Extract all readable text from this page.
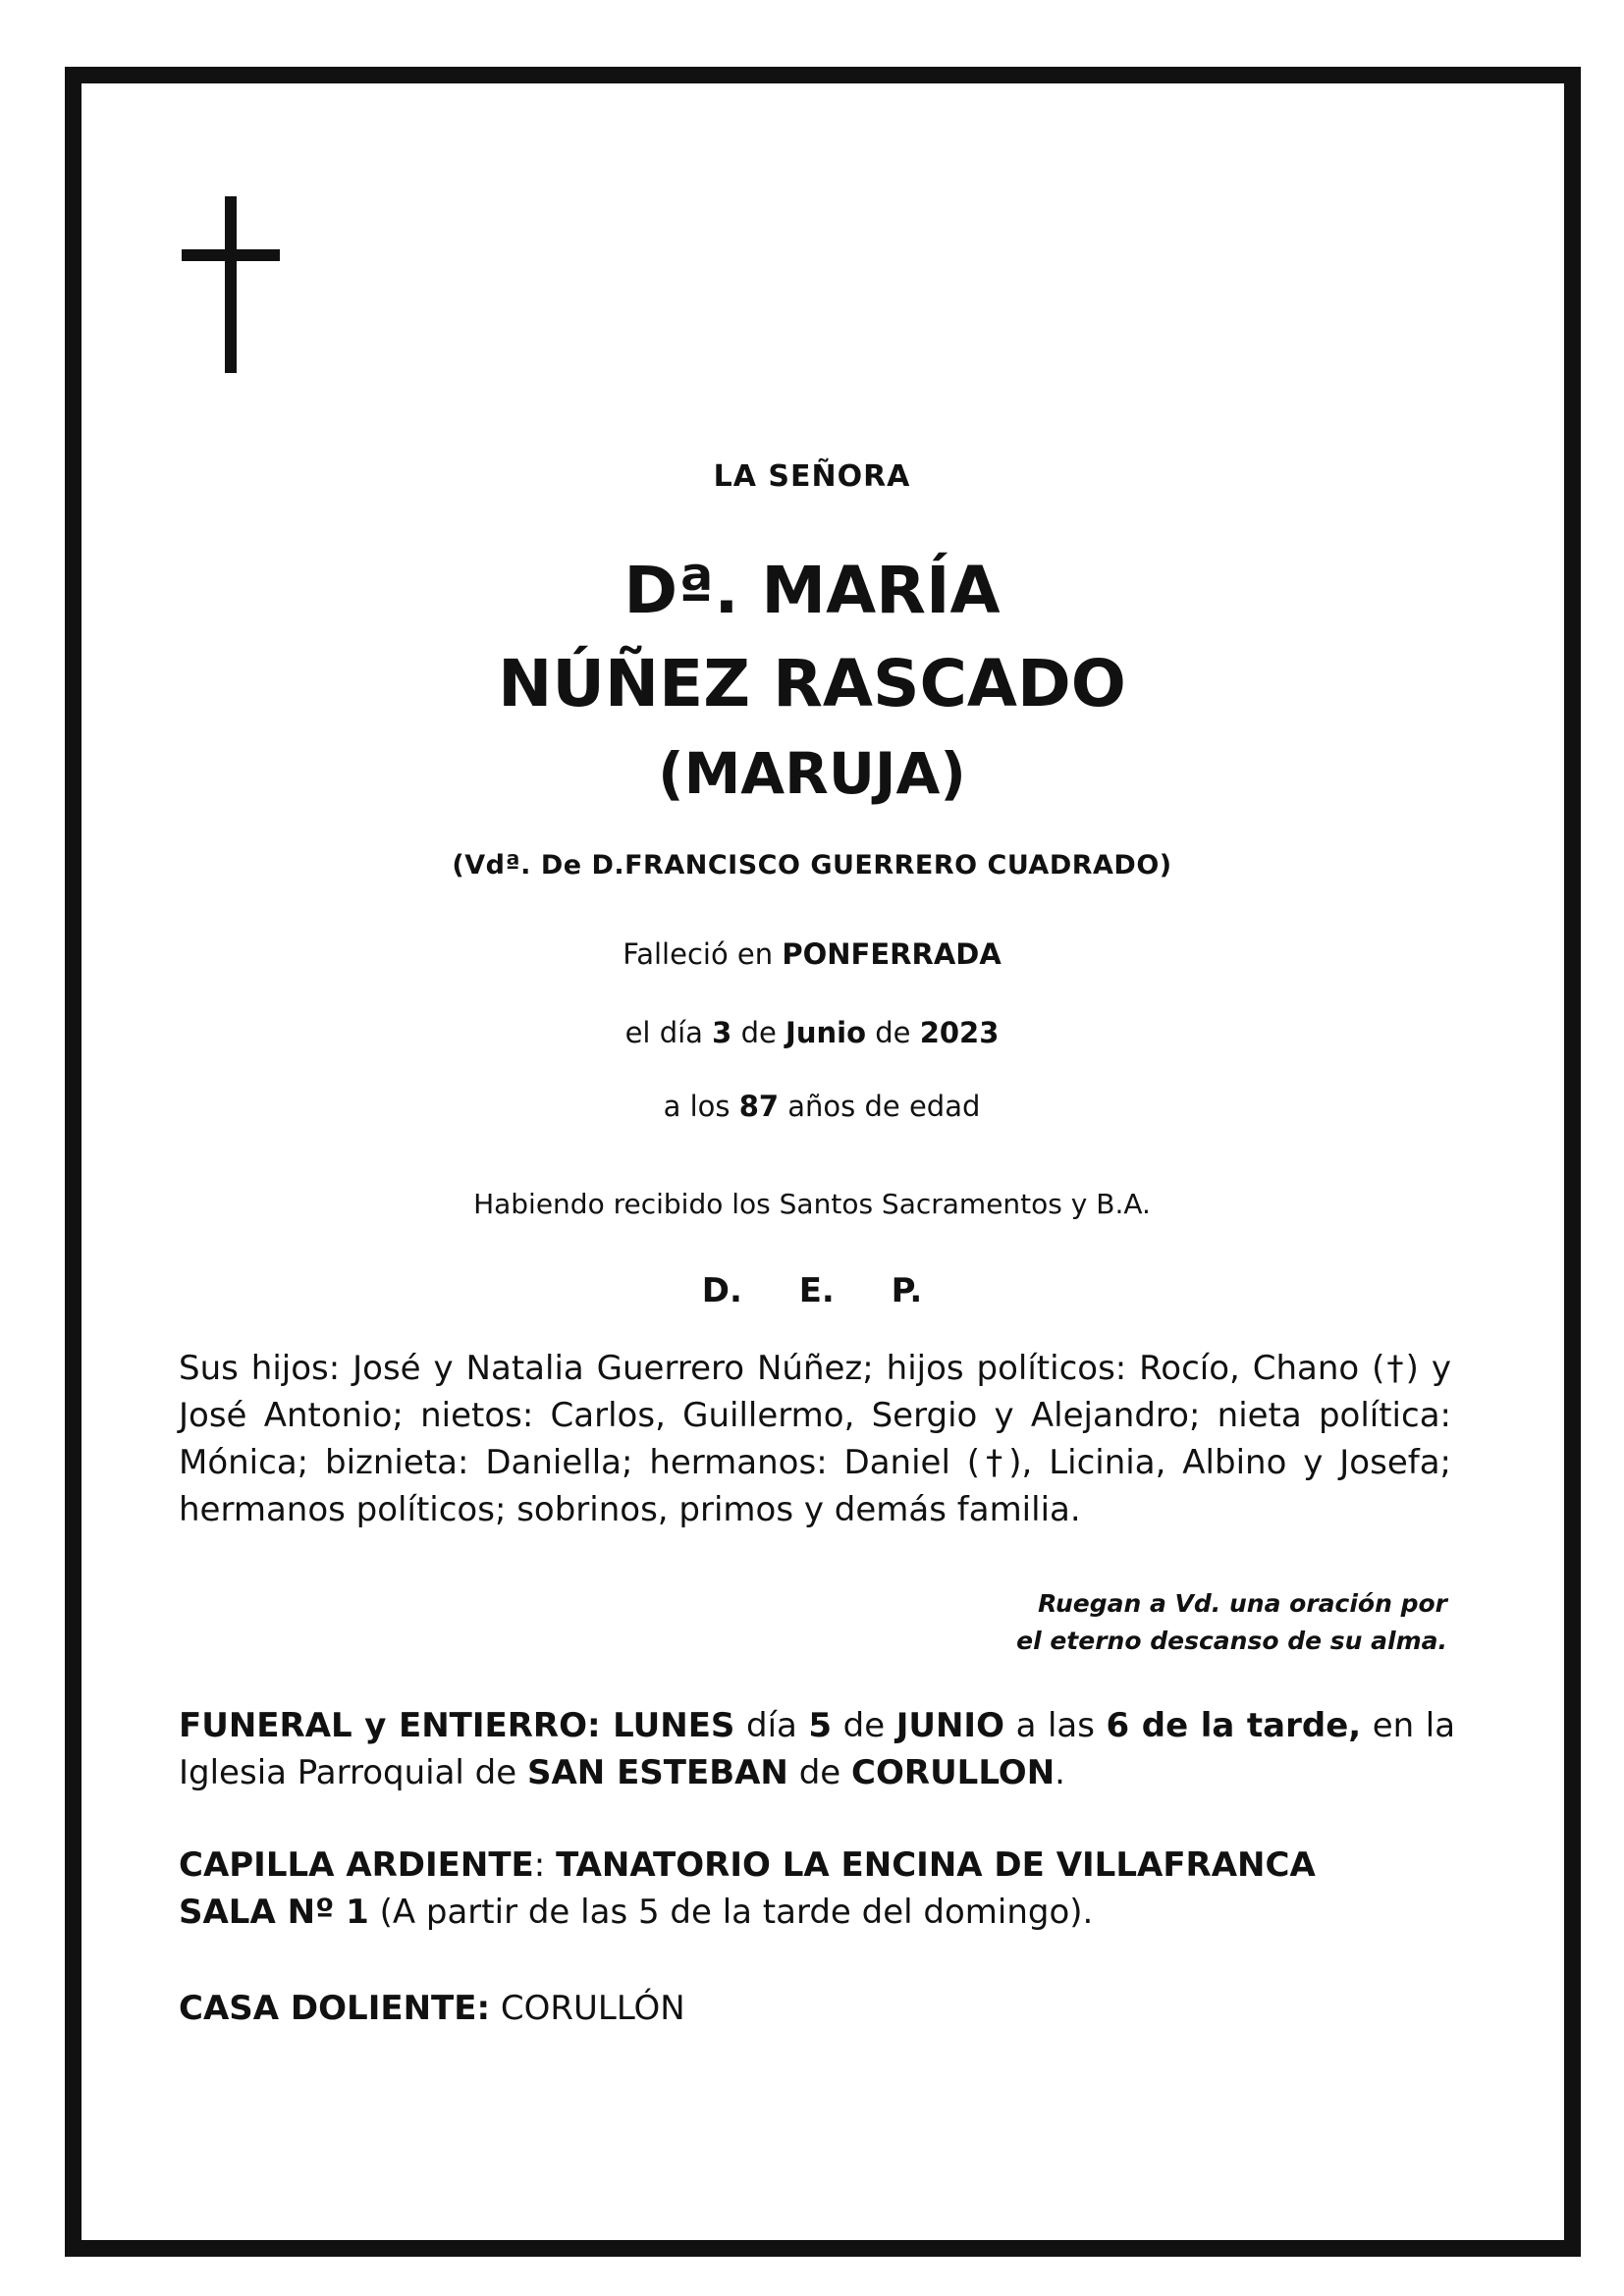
LA SEÑORA
Dª. MARÍA
NÚÑEZ RASCADO
(MARUJA)
(Vdª. De D.FRANCISCO GUERRERO CUADRADO)
Falleció en PONFERRADA
el día 3 de Junio de 2023
a los 87 años de edad
Habiendo recibido los Santos Sacramentos y B.A.
D. E. P.
Sus hijos: José y Natalia Guerrero Núñez; hijos políticos: Rocío, Chano (†) y José Antonio; nietos: Carlos, Guillermo, Sergio y Alejandro; nieta política: Mónica; biznieta: Daniella; hermanos: Daniel (†), Licinia, Albino y Josefa; hermanos políticos; sobrinos, primos y demás familia.
Ruegan a Vd. una oración por
el eterno descanso de su alma.
FUNERAL y ENTIERRO: LUNES día 5 de JUNIO a las 6 de la tarde, en la Iglesia Parroquial de SAN ESTEBAN de CORULLON.
CAPILLA ARDIENTE: TANATORIO LA ENCINA DE VILLAFRANCA
SALA Nº 1 (A partir de las 5 de la tarde del domingo).
CASA DOLIENTE: CORULLÓN
